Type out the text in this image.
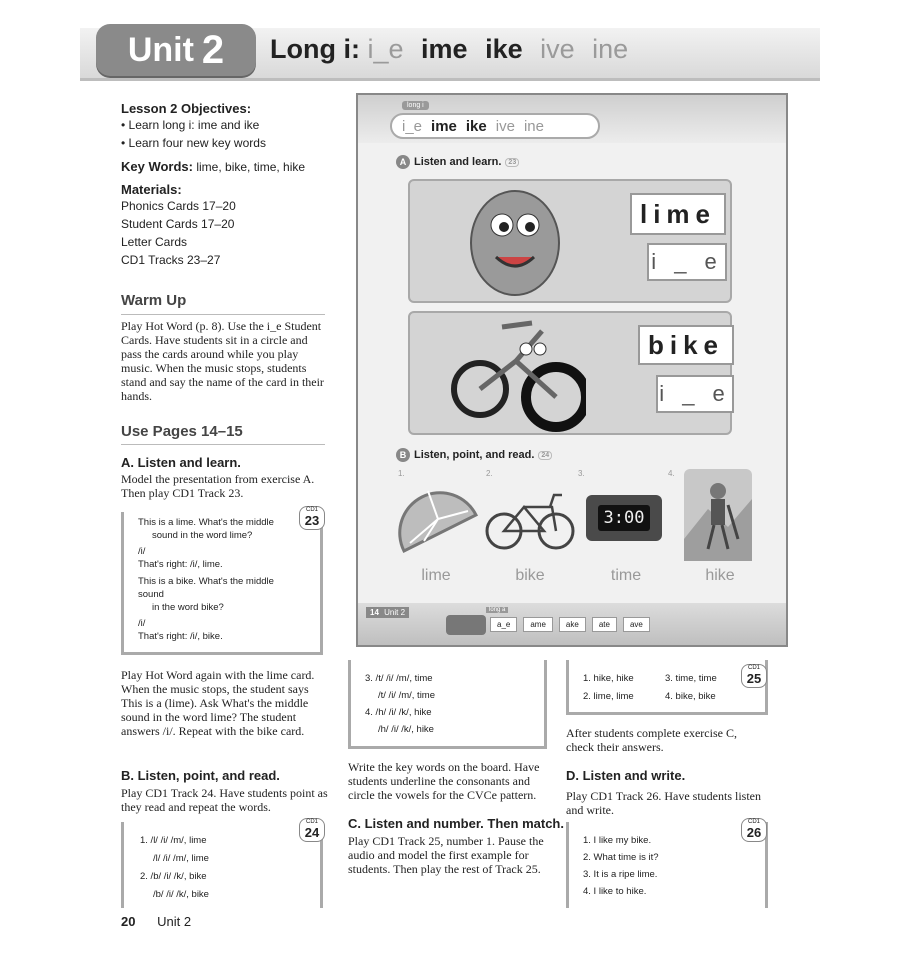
Unit 2 Long i: i_e ime ike ive ine
Lesson 2 Objectives:
• Learn long i: ime and ike
• Learn four new key words
Key Words: lime, bike, time, hike
Materials:
Phonics Cards 17–20
Student Cards 17–20
Letter Cards
CD1 Tracks 23–27
Warm Up
Play Hot Word (p. 8). Use the i_e Student Cards. Have students sit in a circle and pass the cards around while you play music. When the music stops, students stand and say the name of the card in their hands.
Use Pages 14–15
A. Listen and learn.
Model the presentation from exercise A. Then play CD1 Track 23.
CD1
23
This is a lime. What's the middle
sound in the word lime?
/i/
That's right: /i/, lime.
This is a bike. What's the middle sound
in the word bike?
/i/
That's right: /i/, bike.
Play Hot Word again with the lime card. When the music stops, the student says This is a (lime). Ask What's the middle sound in the word lime? The student answers /i/. Repeat with the bike card.
B. Listen, point, and read.
Play CD1 Track 24. Have students point as they read and repeat the words.
CD1
24
1. /l/ /i/ /m/, lime
/l/ /i/ /m/, lime
2. /b/ /i/ /k/, bike
/b/ /i/ /k/, bike
20 Unit 2
3. /t/ /i/ /m/, time
/t/ /i/ /m/, time
4. /h/ /i/ /k/, hike
/h/ /i/ /k/, hike
Write the key words on the board. Have students underline the consonants and circle the vowels for the CVCe pattern.
C. Listen and number. Then match.
Play CD1 Track 25, number 1. Pause the audio and model the first example for students. Then play the rest of Track 25.
CD1
25
1. hike, hike	3. time, time
2. lime, lime	4. bike, bike
After students complete exercise C, check their answers.
D. Listen and write.
Play CD1 Track 26. Have students listen and write.
CD1
26
1. I like my bike.
2. What time is it?
3. It is a ripe lime.
4. I like to hike.
long i
i_e ime ike ive ine
A Listen and learn.	23
lime
i _ e
bike
i _ e
B Listen, point, and read.	24
1.	2.	3.	4.
3:00
lime	bike	time	hike
14 Unit 2	long a
a_e	ame	ake	ate	ave
